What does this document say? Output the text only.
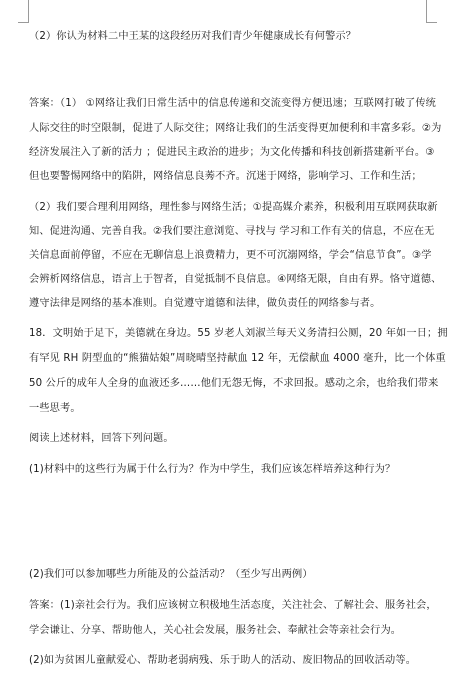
（2）你认为材料二中王某的这段经历对我们青少年健康成长有何警示？
答案：（1） ①网络让我们日常生活中的信息传递和交流变得方便迅速；互联网打破了传统
人际交往的时空限制，促进了人际交往；网络让我们的生活变得更加便利和丰富多彩。②为
经济发展注入了新的活力 ；促进民主政治的进步；为文化传播和科技创新搭建新平台。③
但也要警惕网络中的陷阱，网络信息良莠不齐。沉迷于网络，影响学习、工作和生活；
（2）我们要合理利用网络，理性参与网络生活；①提高媒介素养，积极利用互联网获取新
知、促进沟通、完善自我。②我们要注意浏览、寻找与 学习和工作有关的信息，不应在无
关信息面前停留，不应在无聊信息上浪费精力，更不可沉溺网络，学会“信息节食”。③学
会辨析网络信息，语言上于智者，自觉抵制不良信息。④网络无限，自由有界。恪守道德、
遵守法律是网络的基本准则。自觉遵守道德和法律，做负责任的网络参与者。
18．文明始于足下，美德就在身边。55 岁老人刘淑兰每天义务清扫公厕，20 年如一日；拥
有罕见 RH 阴型血的“熊猫姑娘”周晓晴坚持献血 12 年，无偿献血 4000 毫升，比一个体重
50 公斤的成年人全身的血液还多……他们无怨无悔，不求回报。感动之余，也给我们带来
一些思考。
阅读上述材料，回答下列问题。
(1)材料中的这些行为属于什么行为？作为中学生，我们应该怎样培养这种行为？
(2)我们可以参加哪些力所能及的公益活动？（至少写出两例）
答案：(1)亲社会行为。我们应该树立积极地生活态度，关注社会、了解社会、服务社会，
学会谦让、分享、帮助他人，关心社会发展，服务社会、奉献社会等亲社会行为。
(2)如为贫困儿童献爱心、帮助老弱病残、乐于助人的活动、废旧物品的回收活动等。
